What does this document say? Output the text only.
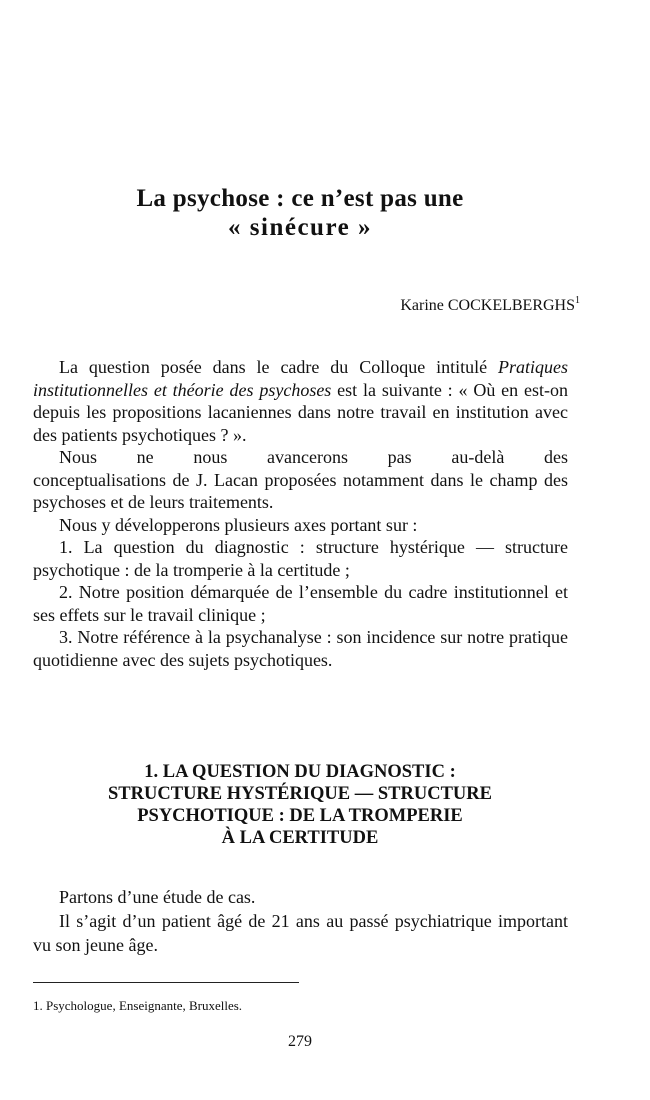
La psychose : ce n’est pas une
« sinécure »
Karine COCKELBERGHS$^1$

La question posée dans le cadre du Colloque intitulé Pratiques institutionnelles et théorie des psychoses est la suivante : « Où en est-on depuis les propositions lacaniennes dans notre travail en institution avec des patients psychotiques ? ».

Nous ne nous avancerons pas au-delà des

conceptualisations de J. Lacan proposées notamment dans le champ des psychoses et de leurs traitements.

Nous y développerons plusieurs axes portant sur :

1. La question du diagnostic : structure hystérique — structure psychotique : de la tromperie à la certitude ;

2. Notre position démarquée de l’ensemble du cadre institutionnel et ses effets sur le travail clinique ;

3. Notre référence à la psychanalyse : son incidence sur notre pratique quotidienne avec des sujets psychotiques.

1. LA QUESTION DU DIAGNOSTIC :
STRUCTURE HYSTÉRIQUE — STRUCTURE
PSYCHOTIQUE : DE LA TROMPERIE
À LA CERTITUDE

Partons d’une étude de cas.

Il s’agit d’un patient âgé de 21 ans au passé psychiatrique important vu son jeune âge.

1. Psychologue, Enseignante, Bruxelles.
279
